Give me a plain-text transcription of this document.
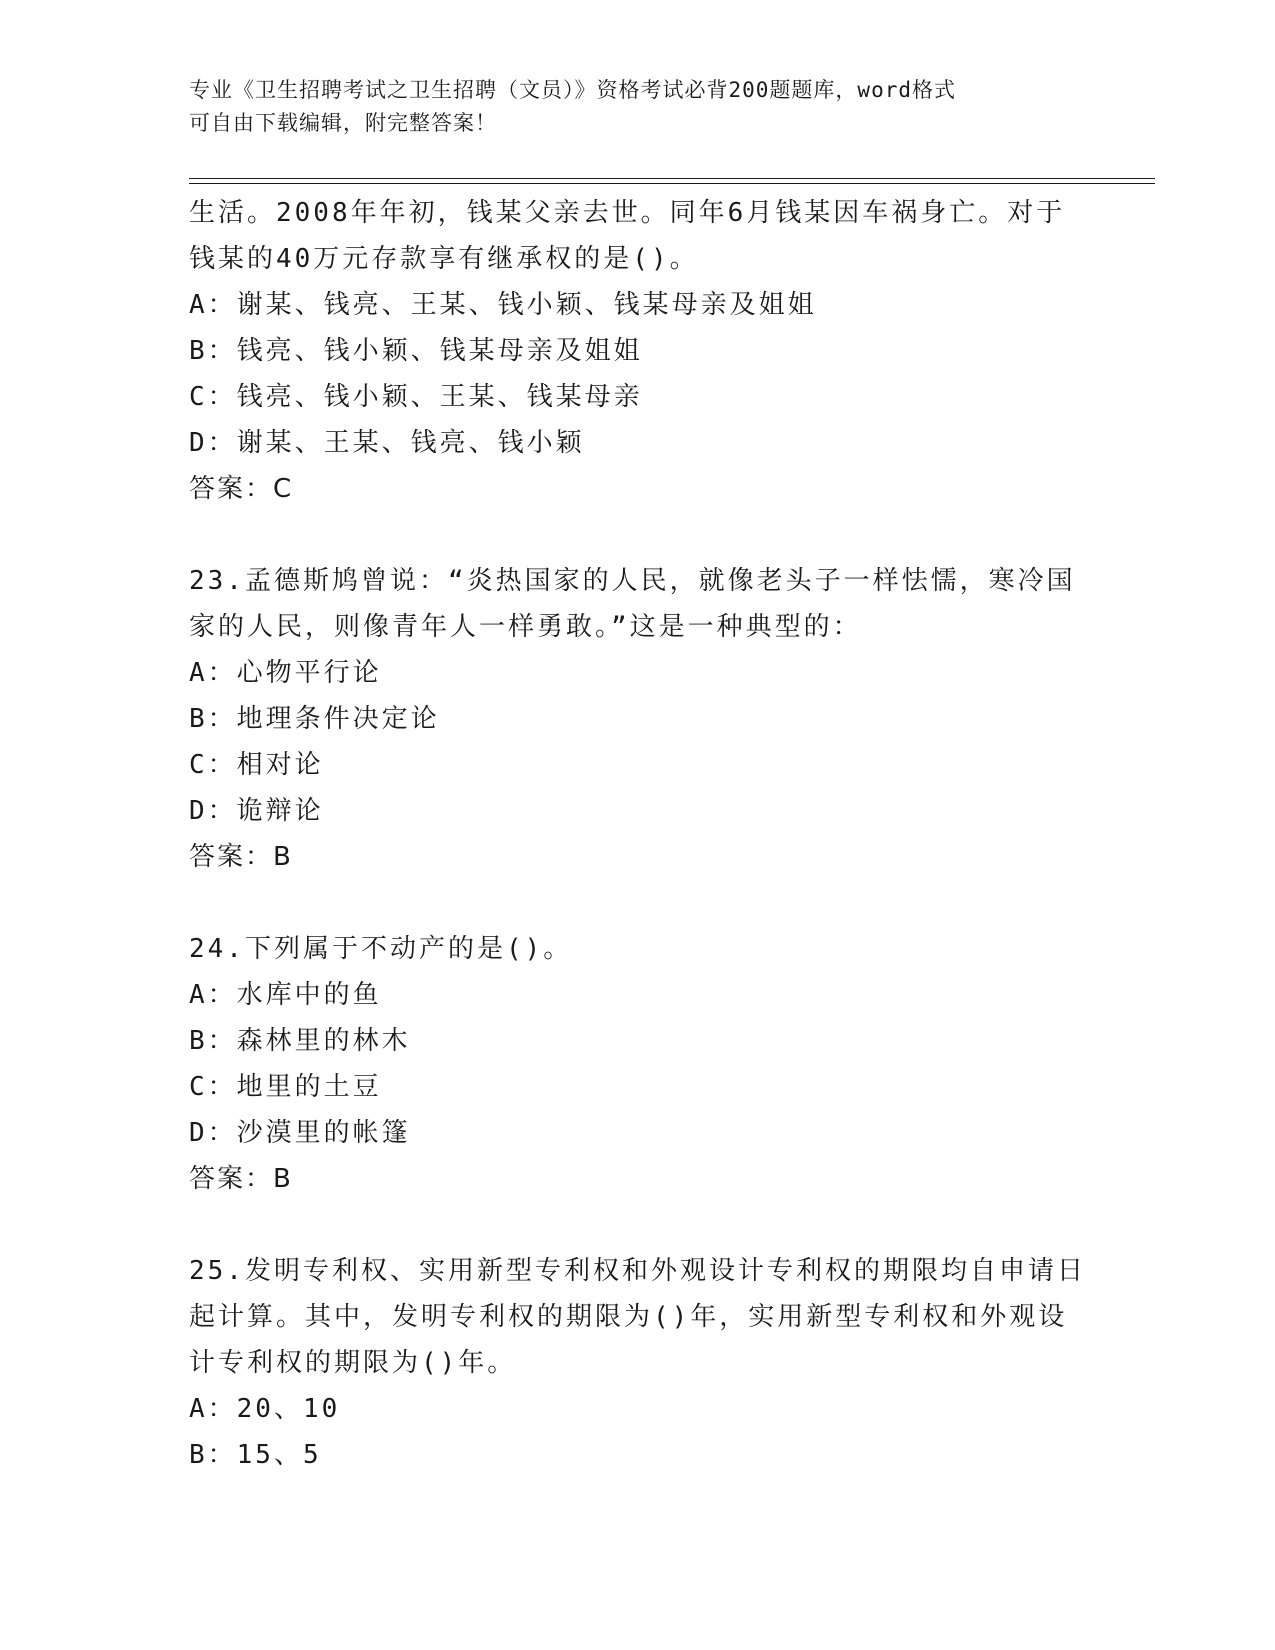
专业《卫生招聘考试之卫生招聘（文员）》资格考试必背200题题库，word格式
可自由下载编辑，附完整答案！
生活。2008年年初，钱某父亲去世。同年6月钱某因车祸身亡。对于
钱某的40万元存款享有继承权的是()。
A：谢某、钱亮、王某、钱小颖、钱某母亲及姐姐
B：钱亮、钱小颖、钱某母亲及姐姐
C：钱亮、钱小颖、王某、钱某母亲
D：谢某、王某、钱亮、钱小颖
答案：C
23.孟德斯鸠曾说：“炎热国家的人民，就像老头子一样怯懦，寒冷国
家的人民，则像青年人一样勇敢。”这是一种典型的：
A：心物平行论
B：地理条件决定论
C：相对论
D：诡辩论
答案：B
24.下列属于不动产的是()。
A：水库中的鱼
B：森林里的林木
C：地里的土豆
D：沙漠里的帐篷
答案：B
25.发明专利权、实用新型专利权和外观设计专利权的期限均自申请日
起计算。其中，发明专利权的期限为()年，实用新型专利权和外观设
计专利权的期限为()年。
A：20、10
B：15、5
